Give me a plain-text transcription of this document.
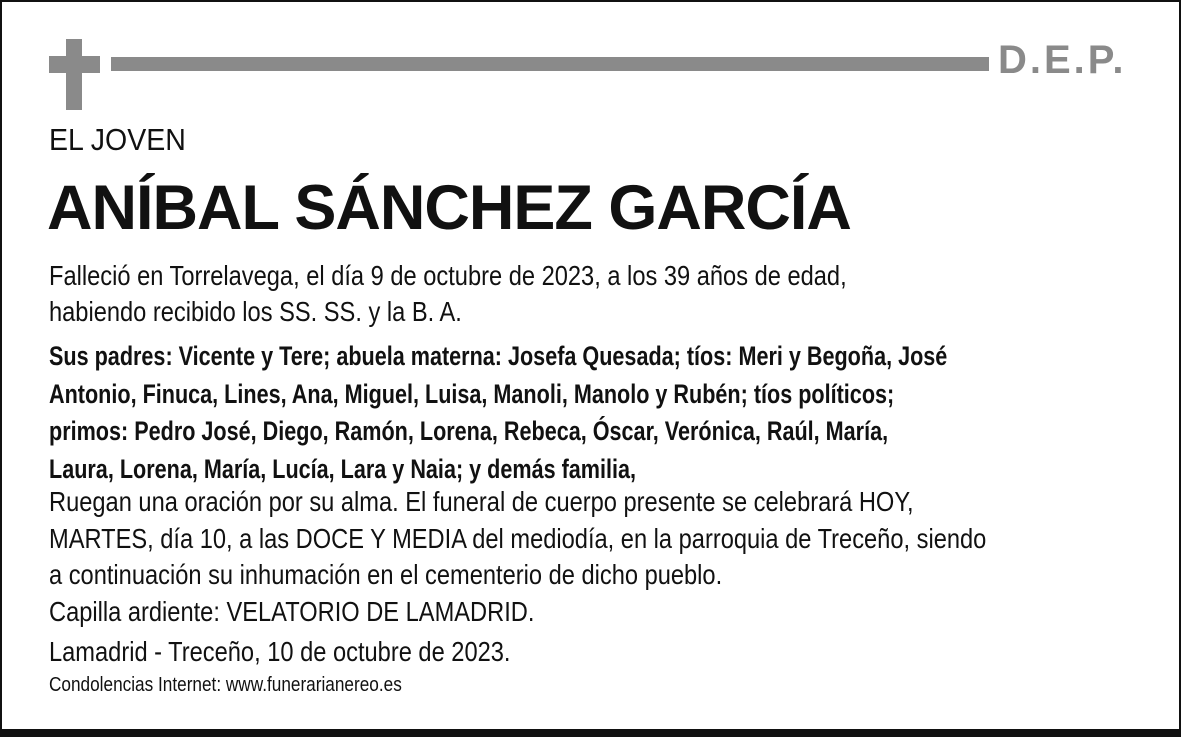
D.E.P.
EL JOVEN
ANÍBAL SÁNCHEZ GARCÍA

Falleció en Torrelavega, el día 9 de octubre de 2023, a los 39 años de edad,
habiendo recibido los SS. SS. y la B. A.

Sus padres: Vicente y Tere; abuela materna: Josefa Quesada; tíos: Meri y Begoña, José
Antonio, Finuca, Lines, Ana, Miguel, Luisa, Manoli, Manolo y Rubén; tíos políticos;
primos: Pedro José, Diego, Ramón, Lorena, Rebeca, Óscar, Verónica, Raúl, María,
Laura, Lorena, María, Lucía, Lara y Naia; y demás familia,

Ruegan una oración por su alma. El funeral de cuerpo presente se celebrará HOY,
MARTES, día 10, a las DOCE Y MEDIA del mediodía, en la parroquia de Treceño, siendo
a continuación su inhumación en el cementerio de dicho pueblo.
Capilla ardiente: VELATORIO DE LAMADRID.

Lamadrid - Treceño, 10 de octubre de 2023.

Condolencias Internet: www.funerarianereo.es
